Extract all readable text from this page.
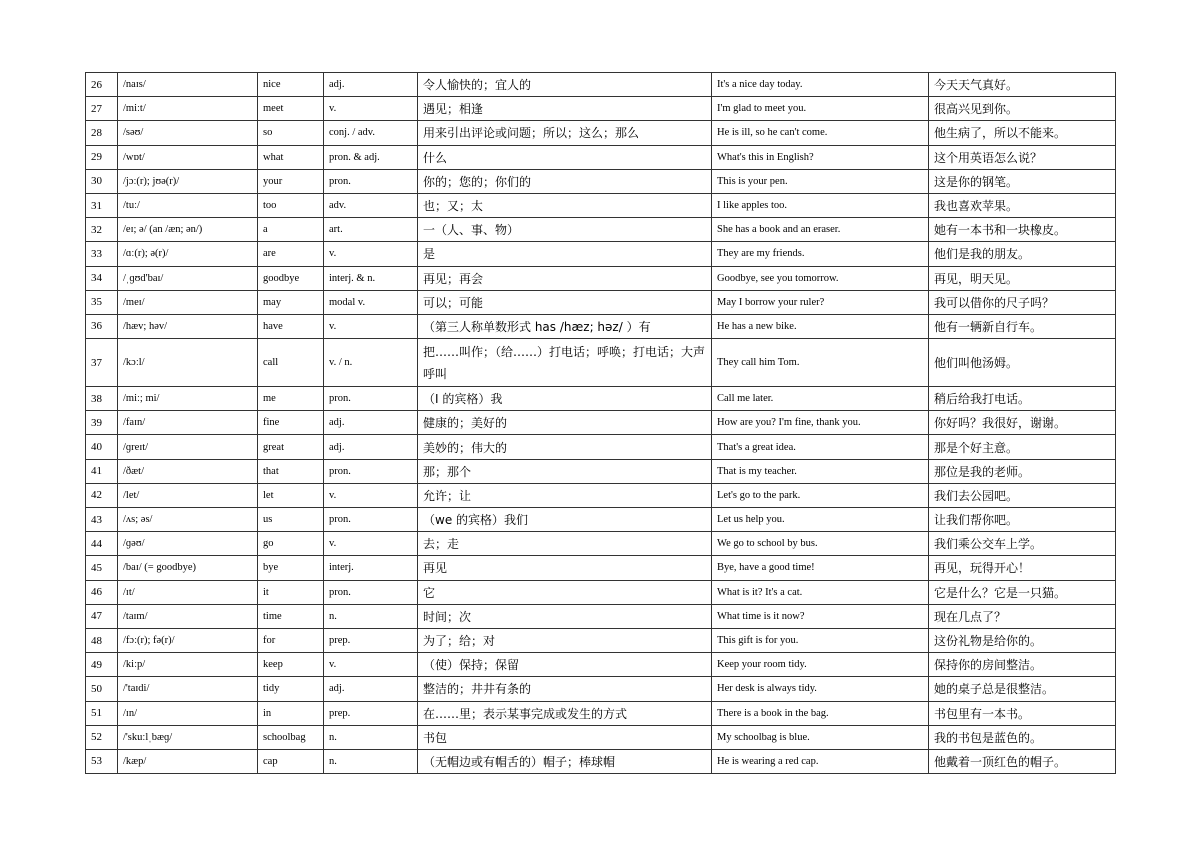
26	/naɪs/	nice	adj.	令人愉快的；宜人的	It's a nice day today.	今天天气真好。
27	/miːt/	meet	v.	遇见；相逢	I'm glad to meet you.	很高兴见到你。
28	/səʊ/	so	conj. / adv.	用来引出评论或问题；所以；这么；那么	He is ill, so he can't come.	他生病了，所以不能来。
29	/wɒt/	what	pron. & adj.	什么	What's this in English?	这个用英语怎么说？
30	/jɔː(r); jʊə(r)/	your	pron.	你的；您的；你们的	This is your pen.	这是你的钢笔。
31	/tuː/	too	adv.	也；又；太	I like apples too.	我也喜欢苹果。
32	/eɪ; ə/ (an /æn; ən/)	a	art.	一（人、事、物）	She has a book and an eraser.	她有一本书和一块橡皮。
33	/ɑː(r); ə(r)/	are	v.	是	They are my friends.	他们是我的朋友。
34	/ˌɡʊd'baɪ/	goodbye	interj. & n.	再见；再会	Goodbye, see you tomorrow.	再见，明天见。
35	/meɪ/	may	modal v.	可以；可能	May I borrow your ruler?	我可以借你的尺子吗？
36	/hæv; həv/	have	v.	（第三人称单数形式 has /hæz; həz/ ）有	He has a new bike.	他有一辆新自行车。
37	/kɔːl/	call	v. / n.	把……叫作；（给……）打电话；呼唤；打电话；大声呼叫	They call him Tom.	他们叫他汤姆。
38	/miː; mi/	me	pron.	（I 的宾格）我	Call me later.	稍后给我打电话。
39	/faɪn/	fine	adj.	健康的；美好的	How are you? I'm fine, thank you.	你好吗？我很好，谢谢。
40	/ɡreɪt/	great	adj.	美妙的；伟大的	That's a great idea.	那是个好主意。
41	/ðæt/	that	pron.	那；那个	That is my teacher.	那位是我的老师。
42	/let/	let	v.	允许；让	Let's go to the park.	我们去公园吧。
43	/ʌs; əs/	us	pron.	（we 的宾格）我们	Let us help you.	让我们帮你吧。
44	/ɡəʊ/	go	v.	去；走	We go to school by bus.	我们乘公交车上学。
45	/baɪ/ (= goodbye)	bye	interj.	再见	Bye, have a good time!	再见，玩得开心！
46	/ɪt/	it	pron.	它	What is it? It's a cat.	它是什么？它是一只猫。
47	/taɪm/	time	n.	时间；次	What time is it now?	现在几点了？
48	/fɔː(r); fə(r)/	for	prep.	为了；给；对	This gift is for you.	这份礼物是给你的。
49	/kiːp/	keep	v.	（使）保持；保留	Keep your room tidy.	保持你的房间整洁。
50	/'taɪdi/	tidy	adj.	整洁的；井井有条的	Her desk is always tidy.	她的桌子总是很整洁。
51	/ɪn/	in	prep.	在……里；表示某事完成或发生的方式	There is a book in the bag.	书包里有一本书。
52	/'skuːlˌbæɡ/	schoolbag	n.	书包	My schoolbag is blue.	我的书包是蓝色的。
53	/kæp/	cap	n.	（无帽边或有帽舌的）帽子；棒球帽	He is wearing a red cap.	他戴着一顶红色的帽子。
